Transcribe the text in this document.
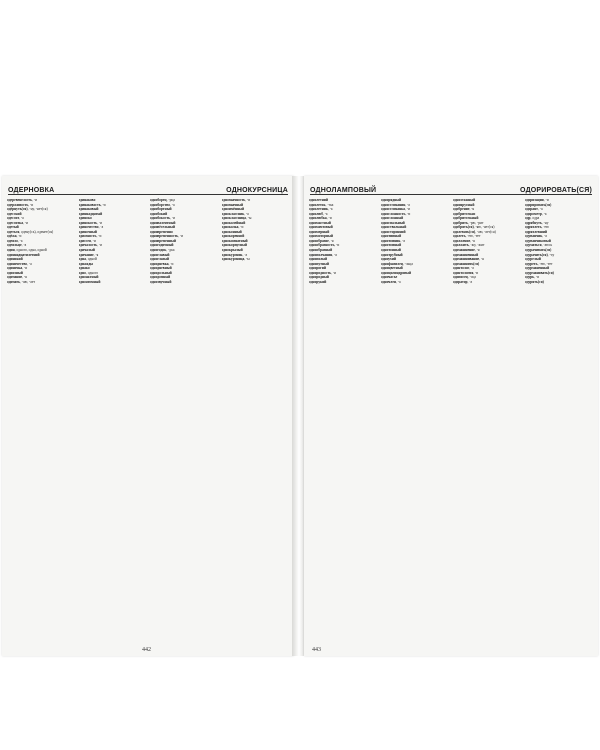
ОДЕРНОВКА	ОДНОКУРСНИЦА
одеревенелость, -и
одержимость, -и
одёрнуть(ся), -ну, -нет(ся)
одесский
одессит, -а
одесситка, -и
одетый
одеться, одену(сь), оденет(ся)
одёжа, -и
одеяло, -а
одеяльце, -а
один, одного, одна, одной
одиннадцатилетний
одинокий
одиночество, -а
одиночка, -и
одиозный
одичание, -я
одичать, -аю, -ает
одинаково
одинаковость, -и
одинаковый
одиннадцатый
одиноко
одинокость, -и
одиночество, -а
одиночный
одиозность, -и
одиссея, -и
одичалость, -и
одичалый
одичание, -я
одна, одной
однажды
однако
одно, одного
одноактный
одноатомный
одноборец, -рца
одноборство, -а
однобортный
однобокий
однобокость, -и
одновалентный
одновёсельный
одновременно
одновременность, -и
одновременный
одногодичный
одногодок, -дка
одноглавый
одноглазый
однодневка, -и
однодневный
однодольный
однодомный
однозвучный
однозначность, -и
однозначный
одноимённый
одноклассник, -а
одноклассница, -ы
одноколейный
одноколка, -и
одноконный
однокоренной
однокомнатный
однокорпусный
однокрылый
однокурсник, -а
однокурсница, -ы
442
ОДНОЛАМПОВЫЙ	ОДОРИРОВАТЬ(СЯ)
однолетний
однолеток, -тка
однолетник, -а
однолюб, -а
однолюбка, -и
одномастный
одномачтовый
одномерный
одномоторный
однообразие, -я
однообразность, -и
однообразный
однополчанин, -а
однополый
однопутный
однорогий
однородность, -и
однородный
однорукий
однорядный
односельчанин, -а
односельчанка, -и
односложность, -и
односложный
односпальный
одноствольный
односторонний
однотипный
однотомник, -а
однотомный
однотонный
однотрубный
одноухий
однофамилец, -льца
одноцветный
одноцилиндровый
одночасье
одночлен, -а
одноэтажный
одноярусный
одобрение, -я
одобрительно
одобрительный
одобрить, -рю, -рит
одобрять(ся), -яю, -яет(ся)
одолевать(ся), -аю, -ает(ся)
одолеть, -ею, -еет
одолжение, -я
одолжить, -жу, -жит
одомашнение, -я
одомашненный
одомашнивание, -я
одомашнить(ся)
одонтолог, -а
одонтология, -и
одописец, -сца
одоратор, -а
одоризация, -и
одорировать(ся)
одорант, -а
одорометр, -а
одр, одра
одрябнуть, -ну
одряхлеть, -ею
одряхлевший
одуванчик, -а
одуванчиковый
одуматься, -аюсь
одурачивать(ся)
одурачить(ся), -чу
одурелый
одуреть, -ею, -еет
одурманенный
одурманивать(ся)
одурь, -и
одурять(ся)
443
